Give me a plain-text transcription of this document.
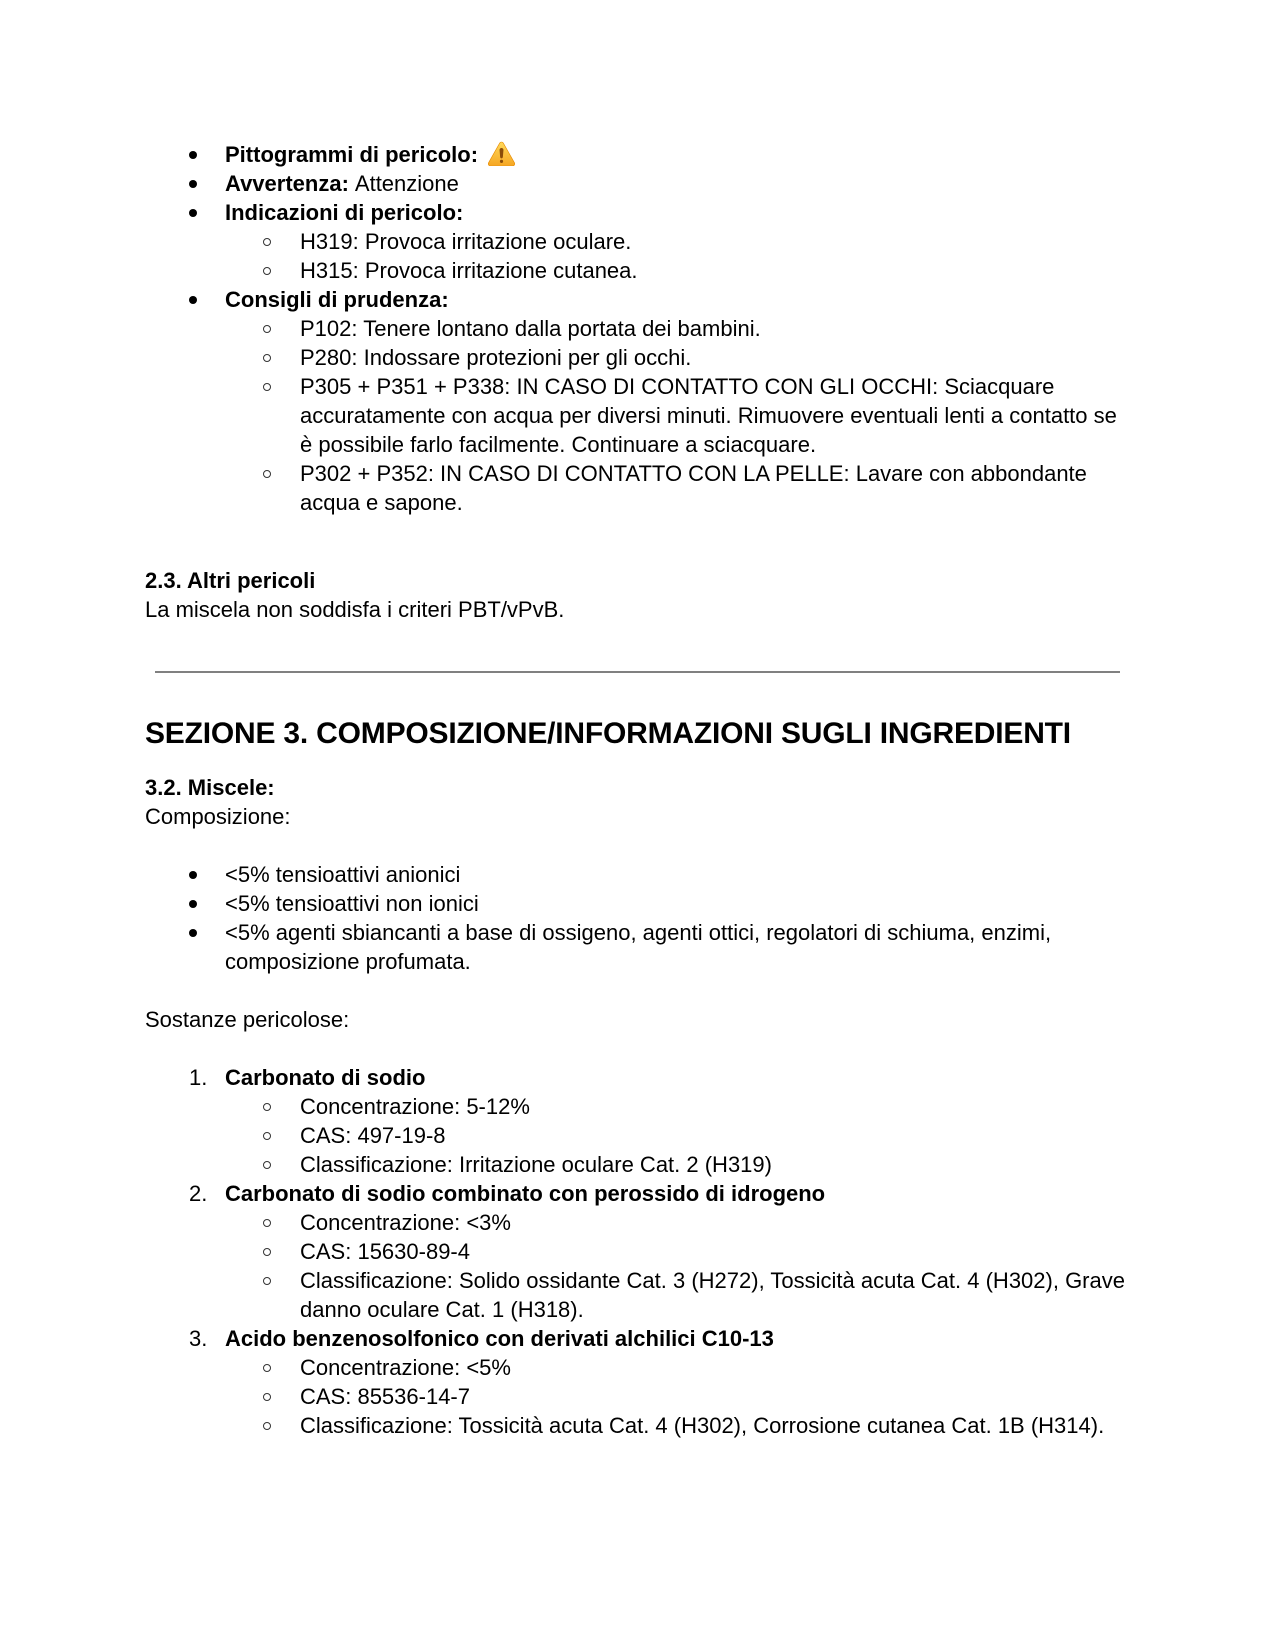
Pittogrammi di pericolo:
Avvertenza: Attenzione
Indicazioni di pericolo:
H319: Provoca irritazione oculare.
H315: Provoca irritazione cutanea.
Consigli di prudenza:
P102: Tenere lontano dalla portata dei bambini.
P280: Indossare protezioni per gli occhi.
P305 + P351 + P338: IN CASO DI CONTATTO CON GLI OCCHI: Sciacquare accuratamente con acqua per diversi minuti. Rimuovere eventuali lenti a contatto se è possibile farlo facilmente. Continuare a sciacquare.
P302 + P352: IN CASO DI CONTATTO CON LA PELLE: Lavare con abbondante acqua e sapone.

2.3. Altri pericoli

La miscela non soddisfa i criteri PBT/vPvB.

SEZIONE 3. COMPOSIZIONE/INFORMAZIONI SUGLI INGREDIENTI

3.2. Miscele:

Composizione:

<5% tensioattivi anionici
<5% tensioattivi non ionici
<5% agenti sbiancanti a base di ossigeno, agenti ottici, regolatori di schiuma, enzimi, composizione profumata.

Sostanze pericolose:

1. Carbonato di sodio
Concentrazione: 5-12%
CAS: 497-19-8
Classificazione: Irritazione oculare Cat. 2 (H319)
2. Carbonato di sodio combinato con perossido di idrogeno
Concentrazione: <3%
CAS: 15630-89-4
Classificazione: Solido ossidante Cat. 3 (H272), Tossicità acuta Cat. 4 (H302), Grave danno oculare Cat. 1 (H318).
3. Acido benzenosolfonico con derivati alchilici C10-13
Concentrazione: <5%
CAS: 85536-14-7
Classificazione: Tossicità acuta Cat. 4 (H302), Corrosione cutanea Cat. 1B (H314).
